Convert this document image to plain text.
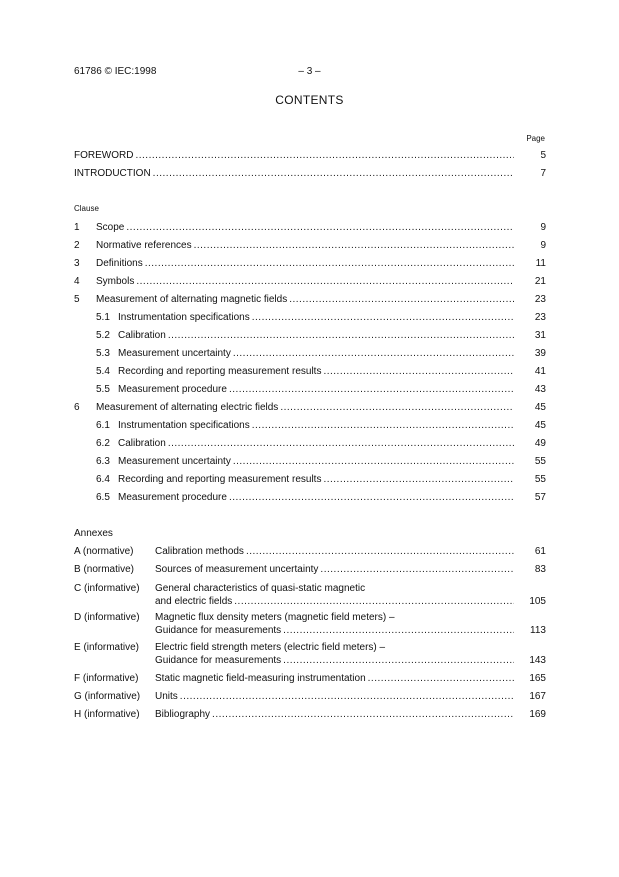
61786 © IEC:1998	– 3 –
CONTENTS
Page
Clause
Annexes
FOREWORD .....	5
INTRODUCTION .....	7
1 Scope .....	9
2 Normative references .....	9
3 Definitions .....	11
4 Symbols .....	21
5 Measurement of alternating magnetic fields .....	23
5.1 Instrumentation specifications .....	23
5.2 Calibration .....	31
5.3 Measurement uncertainty .....	39
5.4 Recording and reporting measurement results .....	41
5.5 Measurement procedure .....	43
6 Measurement of alternating electric fields .....	45
6.1 Instrumentation specifications .....	45
6.2 Calibration .....	49
6.3 Measurement uncertainty .....	55
6.4 Recording and reporting measurement results .....	55
6.5 Measurement procedure .....	57
A (normative) Calibration methods .....	61
B (normative) Sources of measurement uncertainty .....	83
C (informative) General characteristics of quasi-static magnetic
and electric fields .....	105
D (informative) Magnetic flux density meters (magnetic field meters) –
Guidance for measurements .....	113
E (informative) Electric field strength meters (electric field meters) –
Guidance for measurements .....	143
F (informative) Static magnetic field-measuring instrumentation .....	165
G (informative) Units .....	167
H (informative) Bibliography .....	169
